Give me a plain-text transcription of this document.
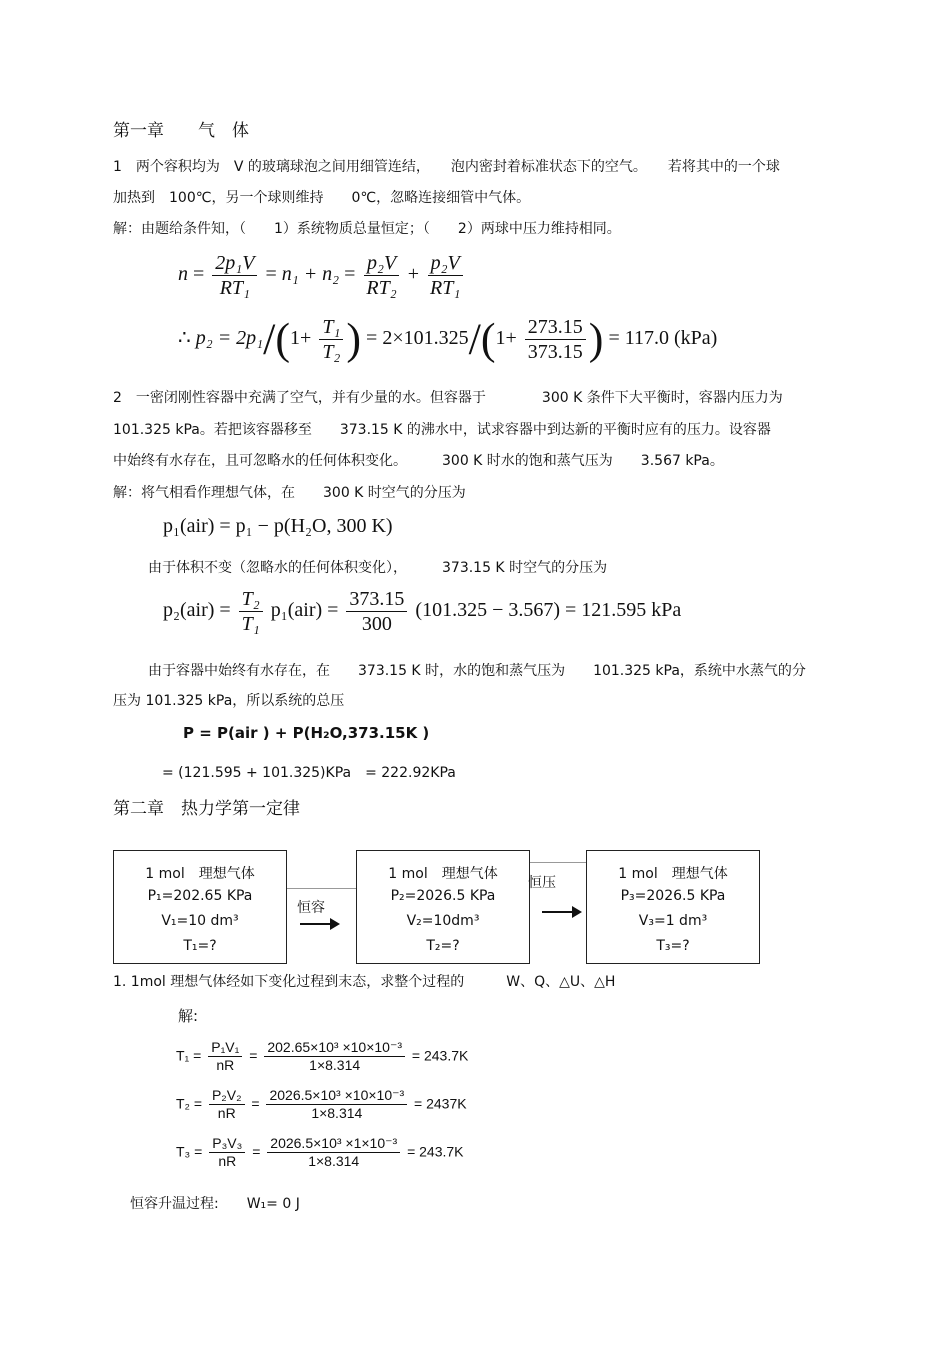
第一章　　气　体
1　两个容积均为　V 的玻璃球泡之间用细管连结，　　泡内密封着标准状态下的空气。　　若将其中的一个球
加热到　100℃，另一个球则维持　　0℃，忽略连接细管中气体。
解：由题给条件知，（　　1）系统物质总量恒定；（　　2）两球中压力维持相同。
$n = \frac{\text{2p₁V}}{\text{RT₁}} = n_1 + n_2 = \frac{\text{p₂V}}{\text{RT₂}} + \frac{\text{p₂V}}{\text{RT₁}}$
∴ $p_2 = 2p_1/(1+ \frac{\text{T₁}}{\text{T₂}}$ ) = $2\times 101.325/(1+ \frac{273.15}{373.15}$ ) = 117.0 (kPa)
2　一密闭刚性容器中充满了空气，并有少量的水。但容器于　　　　300 K 条件下大平衡时，容器内压力为
101.325 kPa。若把该容器移至　　373.15 K 的沸水中，试求容器中到达新的平衡时应有的压力。设容器
中始终有水存在，且可忽略水的任何体积变化。　　　300 K 时水的饱和蒸气压为　　3.567 kPa。
解：将气相看作理想气体，在　　300 K 时空气的分压为
p₁(air) = p₁ − p(H₂O, 300 K)
由于体积不变（忽略水的任何体积变化），　　　373.15 K 时空气的分压为
$p_2(air) = \frac{\text{T₂}}{\text{T₁}} p_1(air) = \frac{373.15}{300} (101.325 - 3.567) = 121.595$ kPa
由于容器中始终有水存在，在　　373.15 K 时，水的饱和蒸气压为　　101.325 kPa，系统中水蒸气的分
压为 101.325 kPa，所以系统的总压
P = P(air ) + P(H₂O,373.15K )
= (121.595 + 101.325)KPa　= 222.92KPa
第二章　热力学第一定律
1 mol　理想气体
P₁=202.65 KPa
V₁=10 dm³
T₁=?
恒容
1 mol　理想气体
P₂=2026.5 KPa
V₂=10dm³
T₂=?
恒压
1 mol　理想气体
P₃=2026.5 KPa
V₃=1 dm³
T₃=?
1. 1mol 理想气体经如下变化过程到末态，求整个过程的　　　W、Q、△U、△H
解:
$T_1 = \frac{\text{P₁V₁}}{nR} = \frac{\text{202.65×10³ ×10×10⁻³}}{1\times 8.314} = 243.7K$
$T_2 = \frac{\text{P₂V₂}}{nR} = \frac{\text{2026.5×10³ ×10×10⁻³}}{1\times 8.314} = 2437K$
$T_3 = \frac{\text{P₃V₃}}{nR} = \frac{\text{2026.5×10³ ×1×10⁻³}}{1\times 8.314} = 243.7K$
恒容升温过程:　　W₁= 0 J
